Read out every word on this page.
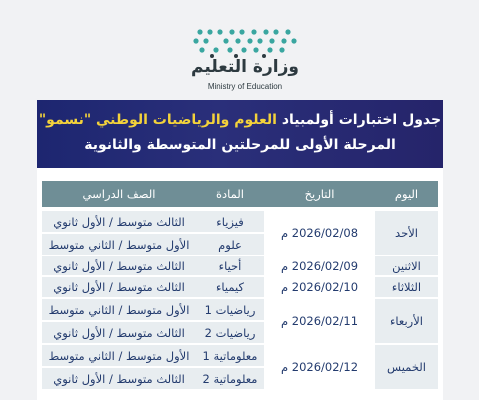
وزارة التعليم
Ministry of Education
جدول اختبارات أولمبياد العلوم والرياضيات الوطني "نسمو"
المرحلة الأولى للمرحلتين المتوسطة والثانوية
اليوم
التاريخ
المادة
الصف الدراسي
الأحد
2026/02/08 م
فيزياء
الثالث متوسط / الأول ثانوي
علوم
الأول متوسط / الثاني متوسط
الاثنين
2026/02/09 م
أحياء
الثالث متوسط / الأول ثانوي
الثلاثاء
2026/02/10 م
كيمياء
الثالث متوسط / الأول ثانوي
الأربعاء
2026/02/11 م
رياضيات 1
الأول متوسط / الثاني متوسط
رياضيات 2
الثالث متوسط / الأول ثانوي
الخميس
2026/02/12 م
معلوماتية 1
الأول متوسط / الثاني متوسط
معلوماتية 2
الثالث متوسط / الأول ثانوي
